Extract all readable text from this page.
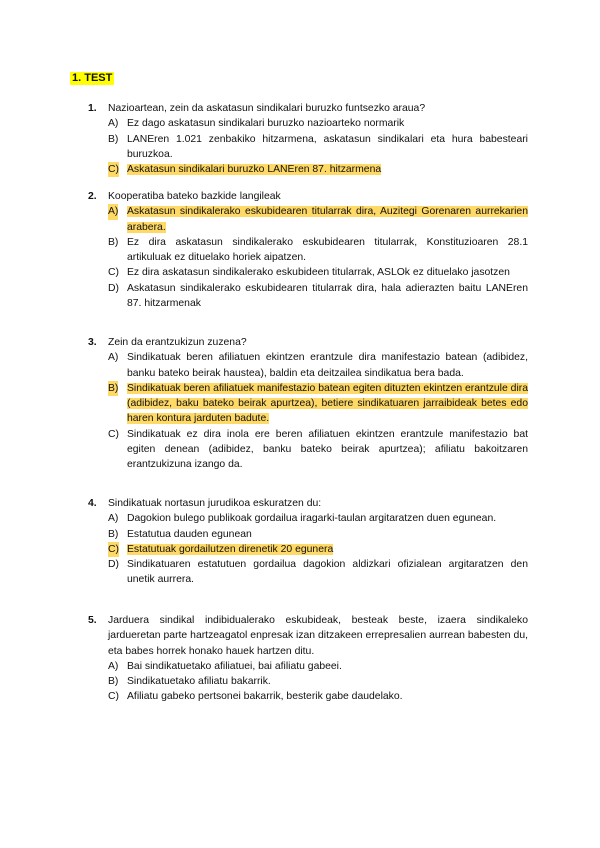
1. TEST
1. Nazioartean, zein da askatasun sindikalari buruzko funtsezko araua?
A) Ez dago askatasun sindikalari buruzko nazioarteko normarik
B) LANEren 1.021 zenbakiko hitzarmena, askatasun sindikalari eta hura babesteari buruzkoa.
C) Askatasun sindikalari buruzko LANEren 87. hitzarmena
2. Kooperatiba bateko bazkide langileak
A) Askatasun sindikalerako eskubidearen titularrak dira, Auzitegi Gorenaren aurrekarien arabera.
B) Ez dira askatasun sindikalerako eskubidearen titularrak, Konstituzioaren 28.1 artikuluak ez dituelako horiek aipatzen.
C) Ez dira askatasun sindikalerako eskubideen titularrak, ASLOk ez dituelako jasotzen
D) Askatasun sindikalerako eskubidearen titularrak dira, hala adierazten baitu LANEren 87. hitzarmenak
3. Zein da erantzukizun zuzena?
A) Sindikatuak beren afiliatuen ekintzen erantzule dira manifestazio batean (adibidez, banku bateko beirak haustea), baldin eta deitzailea sindikatua bera bada.
B) Sindikatuak beren afiliatuek manifestazio batean egiten dituzten ekintzen erantzule dira (adibidez, baku bateko beirak apurtzea), betiere sindikatuaren jarraibideak betes edo haren kontura jarduten badute.
C) Sindikatuak ez dira inola ere beren afiliatuen ekintzen erantzule manifestazio bat egiten denean (adibidez, banku bateko beirak apurtzea); afiliatu bakoitzaren erantzukizuna izango da.
4. Sindikatuak nortasun jurudikoa eskuratzen du:
A) Dagokion bulego publikoak gordailua iragarki-taulan argitaratzen duen egunean.
B) Estatutua dauden egunean
C) Estatutuak gordailutzen direnetik 20 egunera
D) Sindikatuaren estatutuen gordailua dagokion aldizkari ofizialean argitaratzen den unetik aurrera.
5. Jarduera sindikal indibidualerako eskubideak, besteak beste, izaera sindikaleko jardueretan parte hartzeagatol enpresak izan ditzakeen errepresalien aurrean babesten du, eta babes horrek honako hauek hartzen ditu.
A) Bai sindikatuetako afiliatuei, bai afiliatu gabeei.
B) Sindikatuetako afiliatu bakarrik.
C) Afiliatu gabeko pertsonei bakarrik, besterik gabe daudelako.
